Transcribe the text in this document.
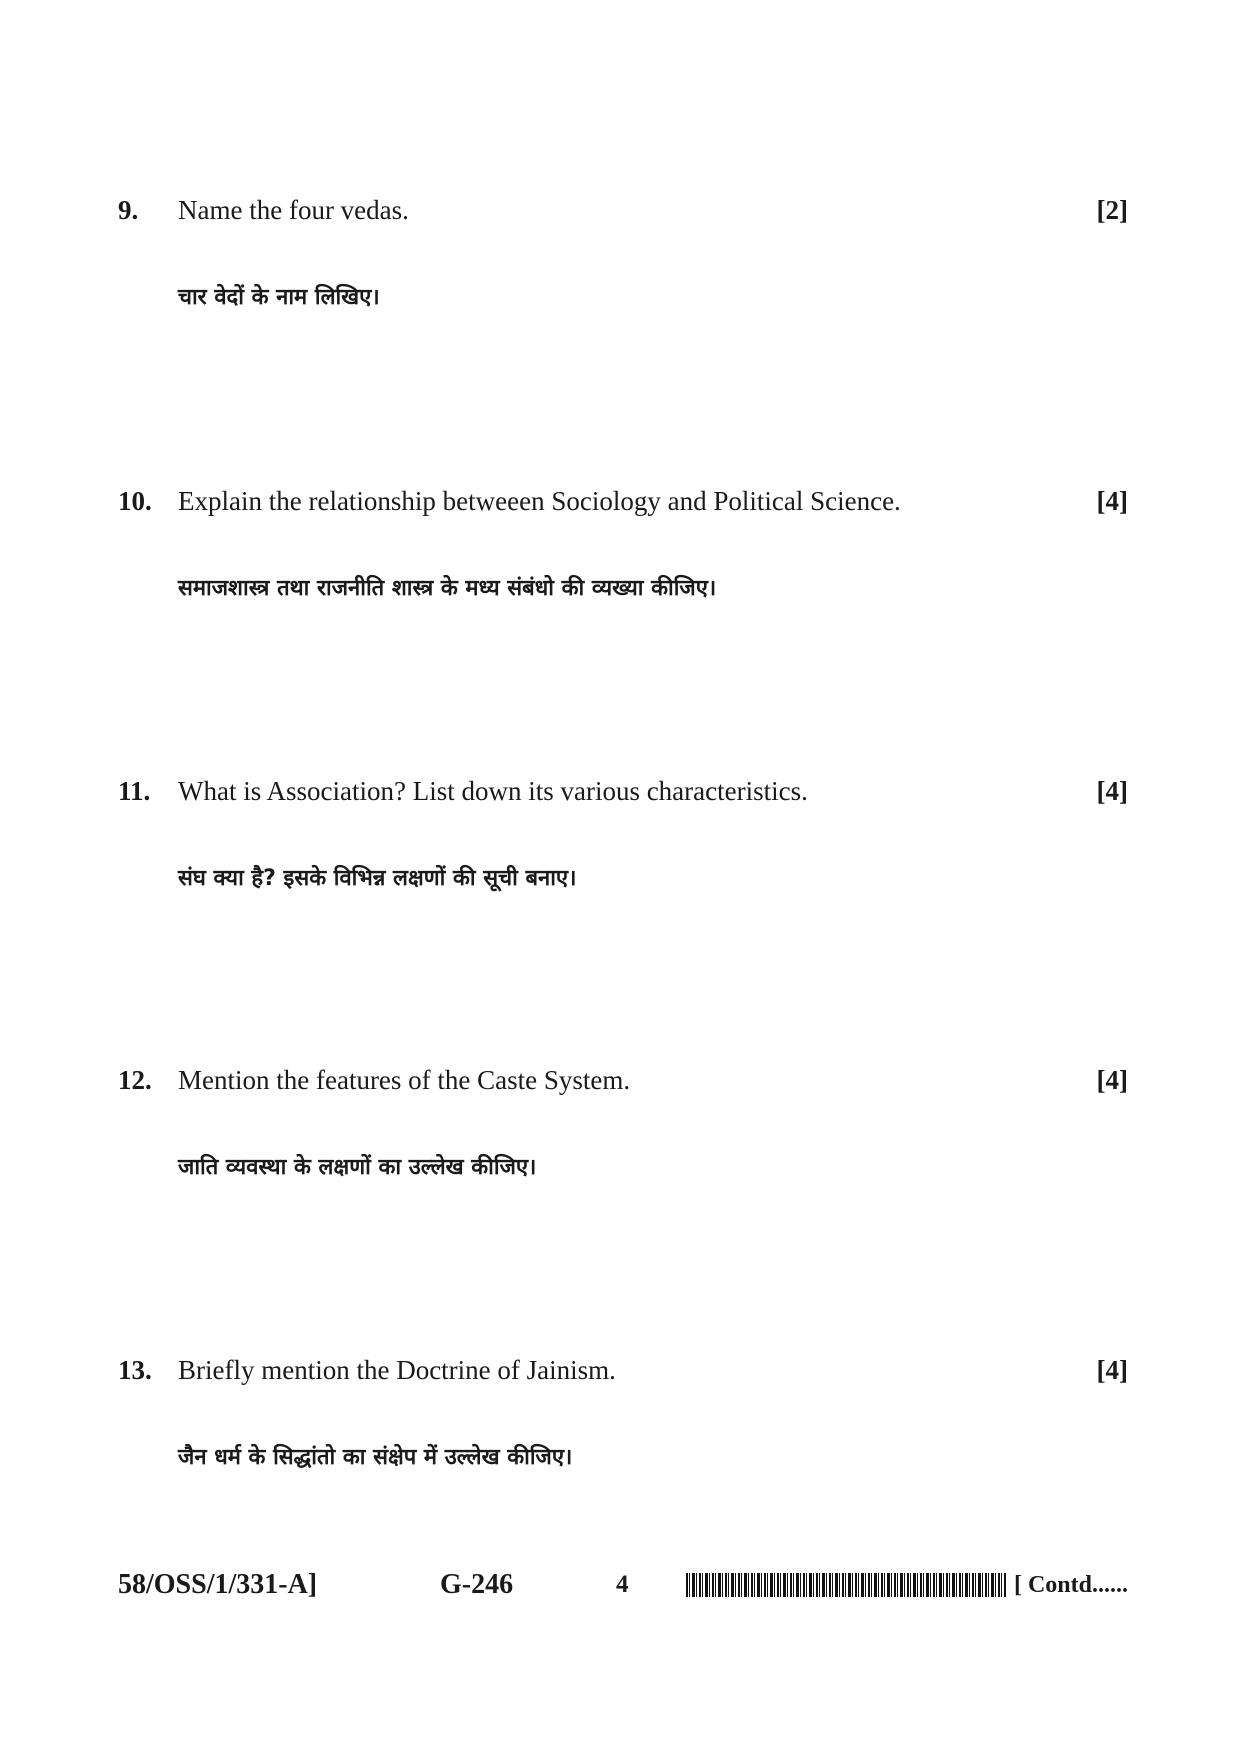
9. Name the four vedas.	[2]
चार वेदों के नाम लिखिए।
10. Explain the relationship betweeen Sociology and Political Science.	[4]
समाजशास्त्र तथा राजनीति शास्त्र के मध्य संबंधो की व्यख्या कीजिए।
11. What is Association? List down its various characteristics.	[4]
संघ क्या है? इसके विभिन्न लक्षणों की सूची बनाए।
12. Mention the features of the Caste System.	[4]
जाति व्यवस्था के लक्षणों का उल्लेख कीजिए।
13. Briefly mention the Doctrine of Jainism.	[4]
जैन धर्म के सिद्धांतो का संक्षेप में उल्लेख कीजिए।
58/OSS/1/331-A]	G-246	4	[ Contd......
